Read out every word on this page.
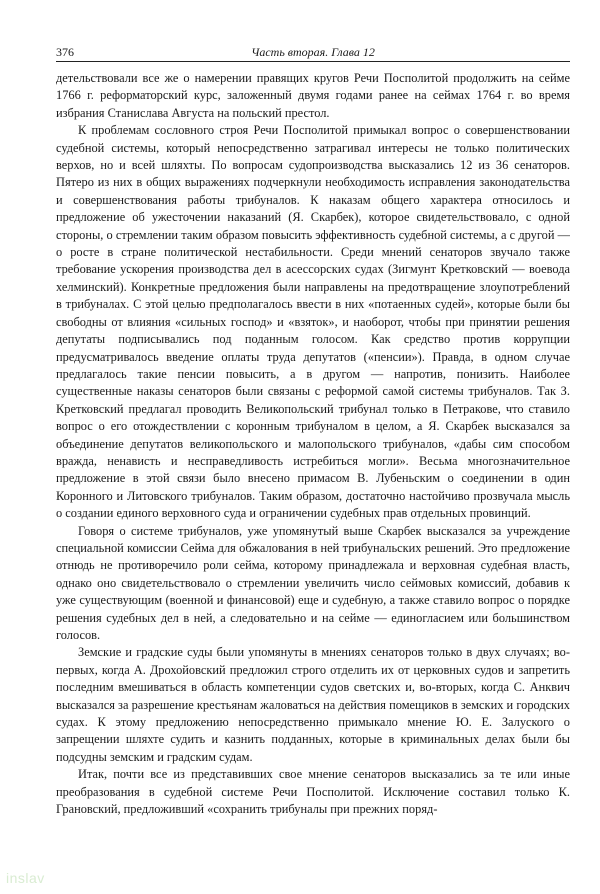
376	Часть вторая. Глава 12

детельствовали все же о намерении правящих кругов Речи Посполитой продолжить на сейме 1766 г. реформаторский курс, заложенный двумя годами ранее на сеймах 1764 г. во время избрания Станислава Августа на польский престол.

К проблемам сословного строя Речи Посполитой примыкал вопрос о совершенствовании судебной системы, который непосредственно затрагивал интересы не только политических верхов, но и всей шляхты. По вопросам судопроизводства высказались 12 из 36 сенаторов. Пятеро из них в общих выражениях подчеркнули необходимость исправления законодательства и совершенствования работы трибуналов. К наказам общего характера относилось и предложение об ужесточении наказаний (Я. Скарбек), которое свидетельствовало, с одной стороны, о стремлении таким образом повысить эффективность судебной системы, а с другой — о росте в стране политической нестабильности. Среди мнений сенаторов звучало также требование ускорения производства дел в асессорских судах (Зигмунт Кретковский — воевода хелминский). Конкретные предложения были направлены на предотвращение злоупотреблений в трибуналах. С этой целью предполагалось ввести в них «потаенных судей», которые были бы свободны от влияния «сильных господ» и «взяток», и наоборот, чтобы при принятии решения депутаты подписывались под поданным голосом. Как средство против коррупции предусматривалось введение оплаты труда депутатов («пенсии»). Правда, в одном случае предлагалось такие пенсии повысить, а в другом — напротив, понизить. Наиболее существенные наказы сенаторов были связаны с реформой самой системы трибуналов. Так З. Кретковский предлагал проводить Великопольский трибунал только в Петракове, что ставило вопрос о его отождествлении с коронным трибуналом в целом, а Я. Скарбек высказался за объединение депутатов великопольского и малопольского трибуналов, «дабы сим способом вражда, ненависть и несправедливость истребиться могли». Весьма многозначительное предложение в этой связи было внесено примасом В. Лубеньским о соединении в один Коронного и Литовского трибуналов. Таким образом, достаточно настойчиво прозвучала мысль о создании единого верховного суда и ограничении судебных прав отдельных провинций.

Говоря о системе трибуналов, уже упомянутый выше Скарбек высказался за учреждение специальной комиссии Сейма для обжалования в ней трибунальских решений. Это предложение отнюдь не противоречило роли сейма, которому принадлежала и верховная судебная власть, однако оно свидетельствовало о стремлении увеличить число сеймовых комиссий, добавив к уже существующим (военной и финансовой) еще и судебную, а также ставило вопрос о порядке решения судебных дел в ней, а следовательно и на сейме — единогласием или большинством голосов.

Земские и градские суды были упомянуты в мнениях сенаторов только в двух случаях; во-первых, когда А. Дрохойовский предложил строго отделить их от церковных судов и запретить последним вмешиваться в область компетенции судов светских и, во-вторых, когда С. Анквич высказался за разрешение крестьянам жаловаться на действия помещиков в земских и городских судах. К этому предложению непосредственно примыкало мнение Ю. Е. Залуского о запрещении шляхте судить и казнить подданных, которые в криминальных делах были бы подсудны земским и градским судам.

Итак, почти все из представивших свое мнение сенаторов высказались за те или иные преобразования в судебной системе Речи Посполитой. Исключение составил только К. Грановский, предложивший «сохранить трибуналы при прежних поряд-

inslav
